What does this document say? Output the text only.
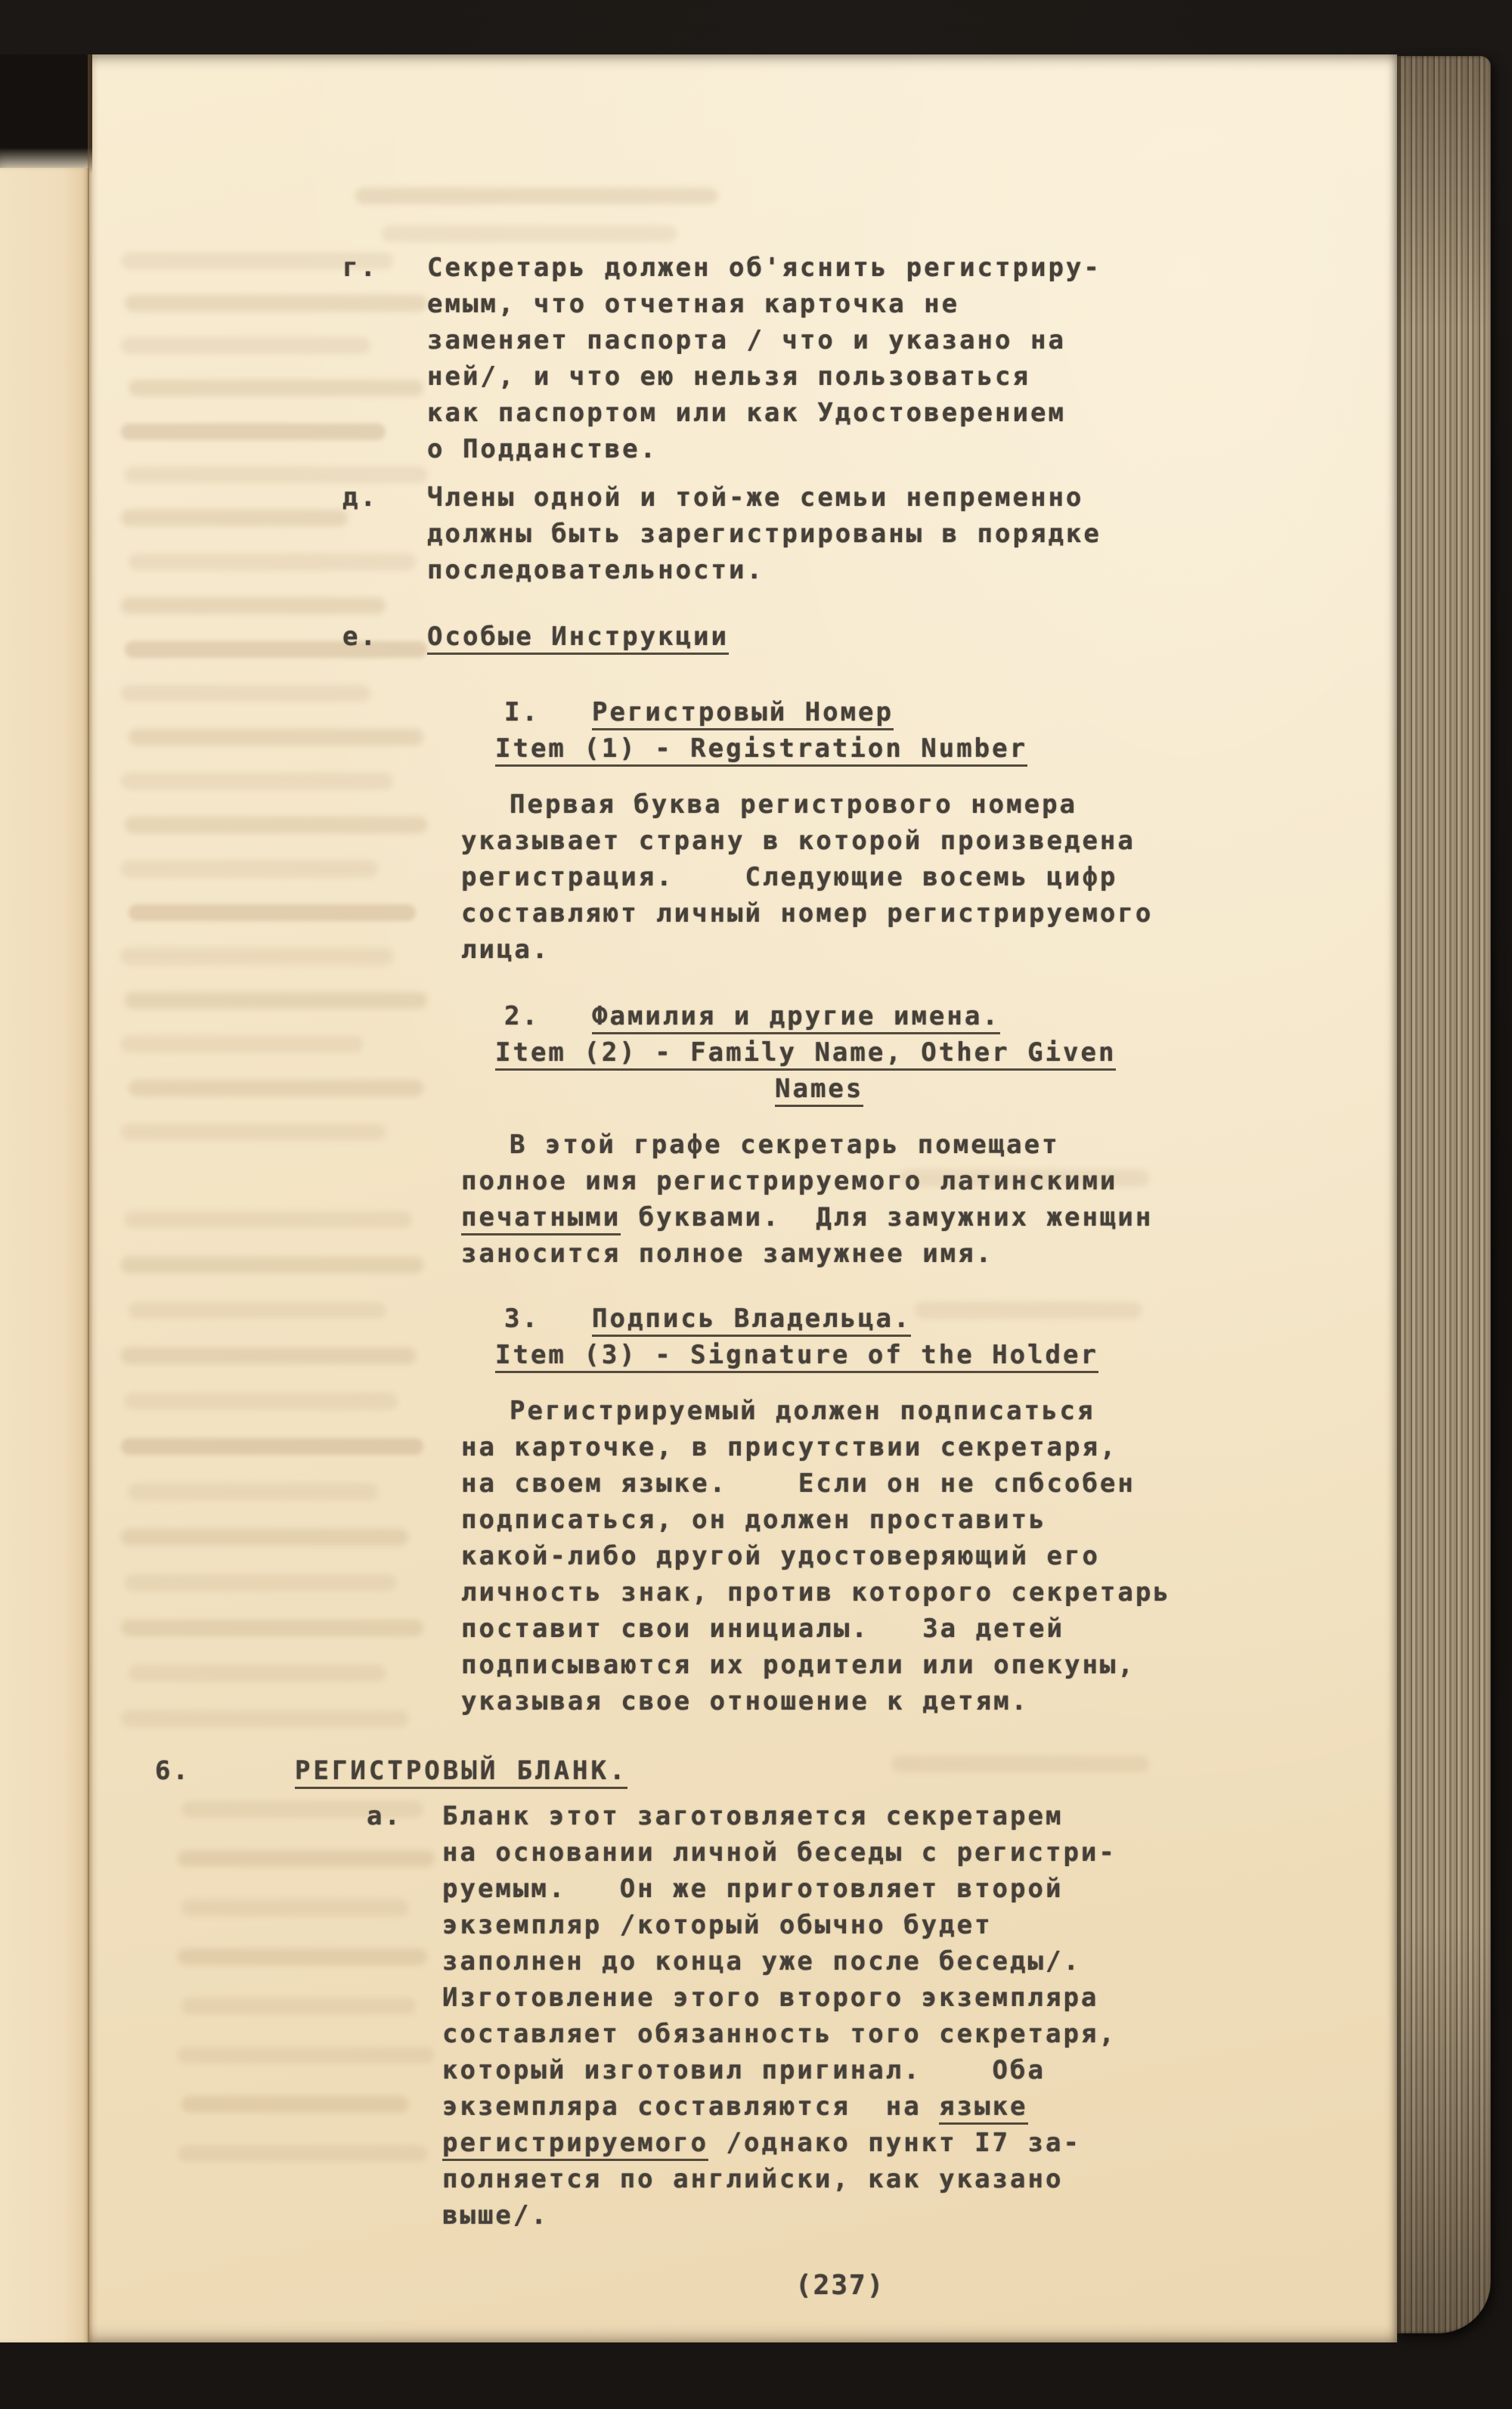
г. Секретарь должен об'яснить регистриру-
емым, что отчетная карточка не
заменяет паспорта / что и указано на
ней/, и что ею нельзя пользоваться
как паспортом или как Удостоверением
о Подданстве.
д. Члены одной и той-же семьи непременно
должны быть зарегистрированы в порядке
последовательности.
е. Особые Инструкции
I. Регистровый Номер
Item (1) - Registration Number
Первая буква регистрового номера
указывает страну в которой произведена
регистрация.    Следующие восемь цифр
составляют личный номер регистрируемого
лица.
2. Фамилия и другие имена.
Item (2) - Family Name, Other Given
Names
В этой графе секретарь помещает
полное имя регистрируемого латинскими
печатными буквами.  Для замужних женщин
заносится полное замужнее имя.
З. Подпись Владельца.
Item (3) - Signature of the Holder
Регистрируемый должен подписаться
на карточке, в присутствии секретаря,
на своем языке.    Если он не спбсобен
подписаться, он должен проставить
какой-либо другой удостоверяющий его
личность знак, против которого секретарь
поставит свои инициалы.   За детей
подписываются их родители или опекуны,
указывая свое отношение к детям.
6.	РЕГИСТРОВЫЙ БЛАНК.
а. Бланк этот заготовляется секретарем
на основании личной беседы с регистри-
руемым.   Он же приготовляет второй
экземпляр /который обычно будет
заполнен до конца уже после беседы/.
Изготовление этого второго экземпляра
составляет обязанность того секретаря,
который изготовил пригинал.    Оба
экземпляра составляются  на языке
регистрируемого /однако пункт I7 за-
полняется по английски, как указано
выше/.
(237)
